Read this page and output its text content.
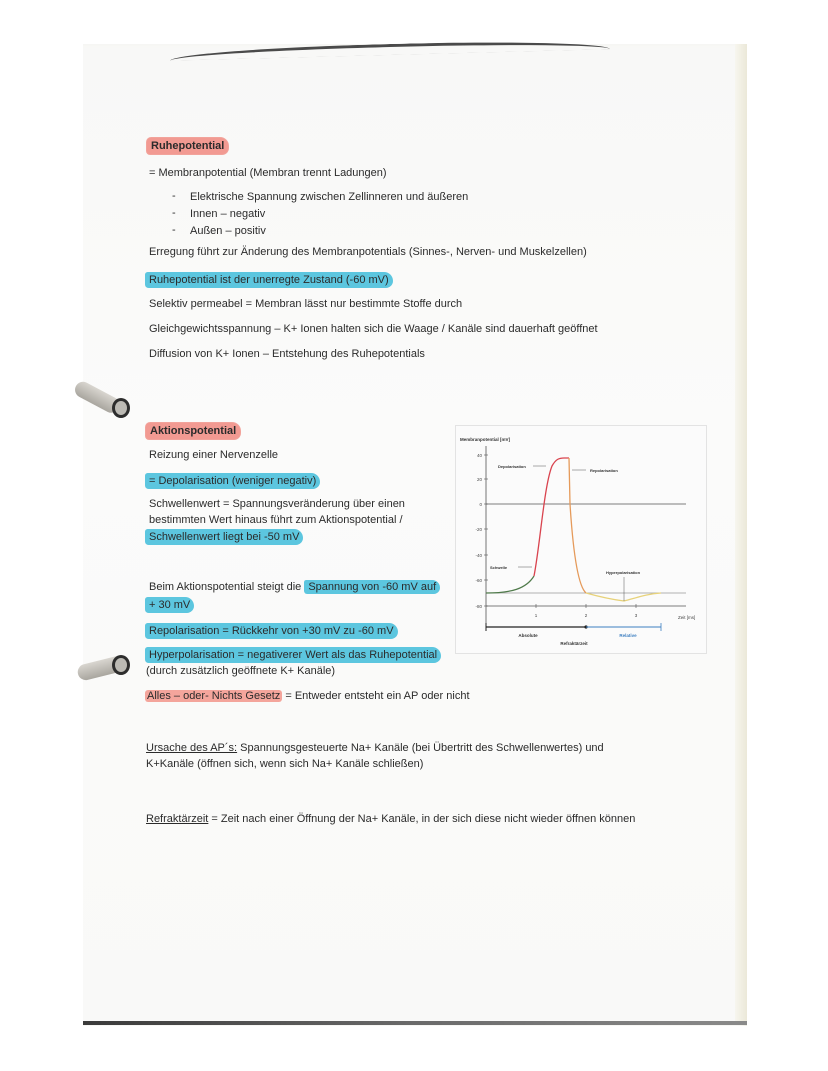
Ruhepotential
= Membranpotential (Membran trennt Ladungen)
- Elektrische Spannung zwischen Zellinneren und äußeren
- Innen – negativ
- Außen – positiv
Erregung führt zur Änderung des Membranpotentials (Sinnes-, Nerven- und Muskelzellen)
Ruhepotential ist der unerregte Zustand (-60 mV)
Selektiv permeabel = Membran lässt nur bestimmte Stoffe durch
Gleichgewichtsspannung – K+ Ionen halten sich die Waage / Kanäle sind dauerhaft geöffnet
Diffusion von K+ Ionen – Entstehung des Ruhepotentials
Aktionspotential
Reizung einer Nervenzelle
= Depolarisation (weniger negativ)
Schwellenwert = Spannungsveränderung über einen
bestimmten Wert hinaus führt zum Aktionspotential /
Schwellenwert liegt bei -50 mV
Beim Aktionspotential steigt die Spannung von -60 mV auf
+ 30 mV
Repolarisation = Rückkehr von +30 mV zu -60 mV
Hyperpolarisation = negativerer Wert als das Ruhepotential
(durch zusätzlich geöffnete K+ Kanäle)
Alles – oder- Nichts Gesetz = Entweder entsteht ein AP oder nicht
Ursache des AP´s: Spannungsgesteuerte Na+ Kanäle (bei Übertritt des Schwellenwertes) und
K+Kanäle (öffnen sich, wenn sich Na+ Kanäle schließen)
Refraktärzeit = Zeit nach einer Öffnung der Na+ Kanäle, in der sich diese nicht wieder öffnen können
Membranpotential [mV]
40
20
0
-20
-40
-60
-80
1	2	3	Zeit [ms]
Depolarisation
Repolarisation
Schwelle
Hyperpolarisation
Absolute	Relative
Refraktärzeit
